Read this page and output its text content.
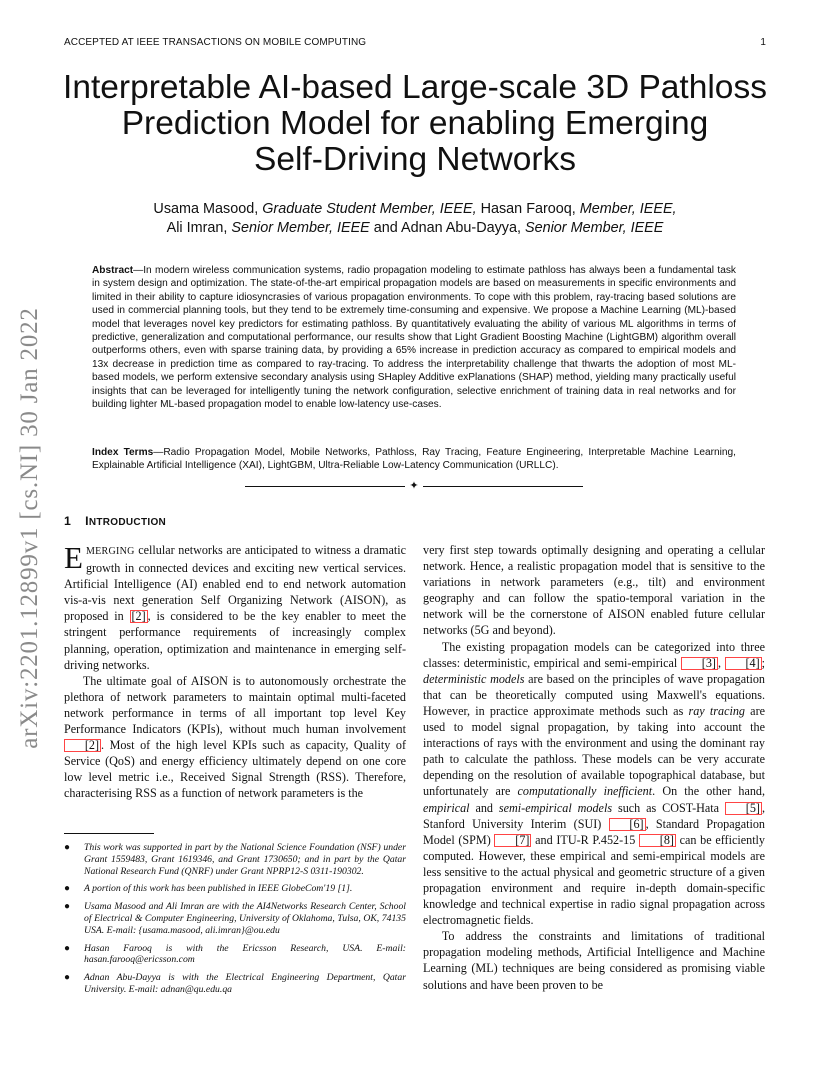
ACCEPTED AT IEEE TRANSACTIONS ON MOBILE COMPUTING	1
Interpretable AI-based Large-scale 3D Pathloss
Prediction Model for enabling Emerging
Self-Driving Networks
Usama Masood, Graduate Student Member, IEEE, Hasan Farooq, Member, IEEE,
Ali Imran, Senior Member, IEEE and Adnan Abu-Dayya, Senior Member, IEEE
Abstract—In modern wireless communication systems, radio propagation modeling to estimate pathloss has always been a fundamental task in system design and optimization. The state-of-the-art empirical propagation models are based on measurements in specific environments and limited in their ability to capture idiosyncrasies of various propagation environments. To cope with this problem, ray-tracing based solutions are used in commercial planning tools, but they tend to be extremely time-consuming and expensive. We propose a Machine Learning (ML)-based model that leverages novel key predictors for estimating pathloss. By quantitatively evaluating the ability of various ML algorithms in terms of predictive, generalization and computational performance, our results show that Light Gradient Boosting Machine (LightGBM) algorithm overall outperforms others, even with sparse training data, by providing a 65% increase in prediction accuracy as compared to empirical models and 13x decrease in prediction time as compared to ray-tracing. To address the interpretability challenge that thwarts the adoption of most ML-based models, we perform extensive secondary analysis using SHapley Additive exPlanations (SHAP) method, yielding many practically useful insights that can be leveraged for intelligently tuning the network configuration, selective enrichment of training data in real networks and for building lighter ML-based propagation model to enable low-latency use-cases.
Index Terms—Radio Propagation Model, Mobile Networks, Pathloss, Ray Tracing, Feature Engineering, Interpretable Machine Learning, Explainable Artificial Intelligence (XAI), LightGBM, Ultra-Reliable Low-Latency Communication (URLLC).
✦
1 INTRODUCTION

EMERGING cellular networks are anticipated to witness a dramatic growth in connected devices and exciting new vertical services. Artificial Intelligence (AI) enabled end to end network automation vis-a-vis next generation Self Organizing Network (AISON), as proposed in [2] , is considered to be the key enabler to meet the stringent performance requirements of increasingly complex planning, operation, optimization and maintenance in emerging self-driving networks.

The ultimate goal of AISON is to autonomously orchestrate the plethora of network parameters to maintain optimal multi-faceted network performance in terms of all important top level Key Performance Indicators (KPIs), without much human involvement [2] . Most of the high level KPIs such as capacity, Quality of Service (QoS) and energy efficiency ultimately depend on one core low level metric i.e., Received Signal Strength (RSS). Therefore, characterising RSS as a function of network parameters is the

● This work was supported in part by the National Science Foundation (NSF) under Grant 1559483, Grant 1619346, and Grant 1730650; and in part by the Qatar National Research Fund (QNRF) under Grant NPRP12-S 0311-190302.
● A portion of this work has been published in IEEE GlobeCom'19 [1].
● Usama Masood and Ali Imran are with the AI4Networks Research Center, School of Electrical & Computer Engineering, University of Oklahoma, Tulsa, OK, 74135 USA. E-mail: {usama.masood, ali.imran}@ou.edu
● Hasan Farooq is with the Ericsson Research, USA. E-mail: hasan.farooq@ericsson.com
● Adnan Abu-Dayya is with the Electrical Engineering Department, Qatar University. E-mail: adnan@qu.edu.qa

very first step towards optimally designing and operating a cellular network. Hence, a realistic propagation model that is sensitive to the variations in network parameters (e.g., tilt) and environment geography and can follow the spatio-temporal variation in the network will be the cornerstone of AISON enabled future cellular networks (5G and beyond).

The existing propagation models can be categorized into three classes: deterministic, empirical and semi-empirical [3] , [4] ; deterministic models are based on the principles of wave propagation that can be theoretically computed using Maxwell's equations. However, in practice approximate methods such as ray tracing are used to model signal propagation, by taking into account the interactions of rays with the environment and using the dominant ray path to calculate the pathloss. These models can be very accurate depending on the resolution of available topographical database, but unfortunately are computationally inefficient. On the other hand, empirical and semi-empirical models such as COST-Hata [5] , Stanford University Interim (SUI) [6] , Standard Propagation Model (SPM) [7] and ITU-R P.452-15 [8] can be efficiently computed. However, these empirical and semi-empirical models are less sensitive to the actual physical and geometric structure of a given propagation environment and require in-depth domain-specific knowledge and technical expertise in radio signal propagation across electromagnetic fields.

To address the constraints and limitations of traditional propagation modeling methods, Artificial Intelligence and Machine Learning (ML) techniques are being considered as promising viable solutions and have been proven to be

arXiv:2201.12899v1 [cs.NI] 30 Jan 2022
